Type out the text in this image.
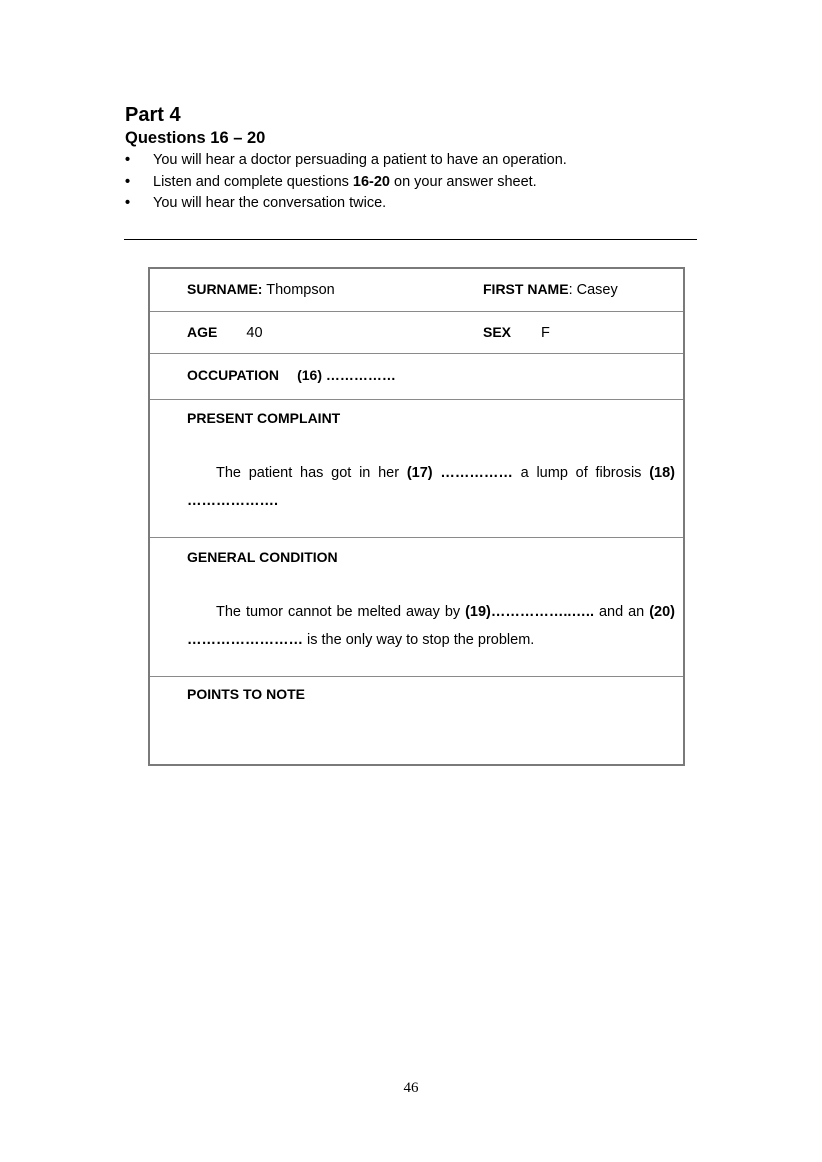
Part 4
Questions 16 – 20
• You will hear a doctor persuading a patient to have an operation.
• Listen and complete questions 16-20 on your answer sheet.
• You will hear the conversation twice.
SURNAME: Thompson	FIRST NAME: Casey
AGE 40	SEX F
OCCUPATION (16) ……………
PRESENT COMPLAINT
The patient has got in her (17) …………… a lump of fibrosis (18) ……………….
GENERAL CONDITION
The tumor cannot be melted away by (19)……………..….. and an (20) …………………… is the only way to stop the problem.
POINTS TO NOTE
46
